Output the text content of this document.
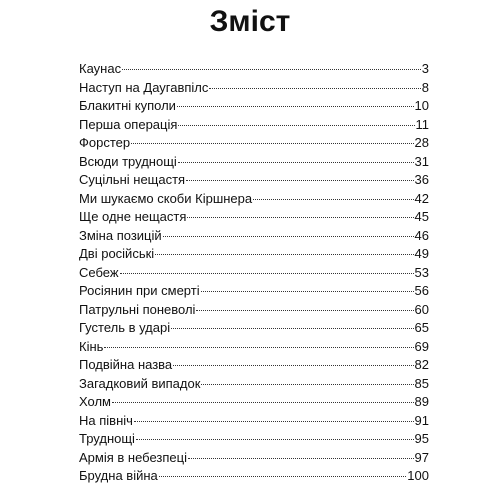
Зміст
Каунас	3
Наступ на Даугавпілс	8
Блакитні куполи	10
Перша операція	11
Форстер	28
Всюди труднощі	31
Суцільні нещастя	36
Ми шукаємо скоби Кіршнера	42
Ще одне нещастя	45
Зміна позицій	46
Дві російські	49
Себеж	53
Росіянин при смерті	56
Патрульні поневолі	60
Густель в ударі	65
Кінь	69
Подвійна назва	82
Загадковий випадок	85
Холм	89
На північ	91
Труднощі	95
Армія в небезпеці	97
Брудна війна	100
